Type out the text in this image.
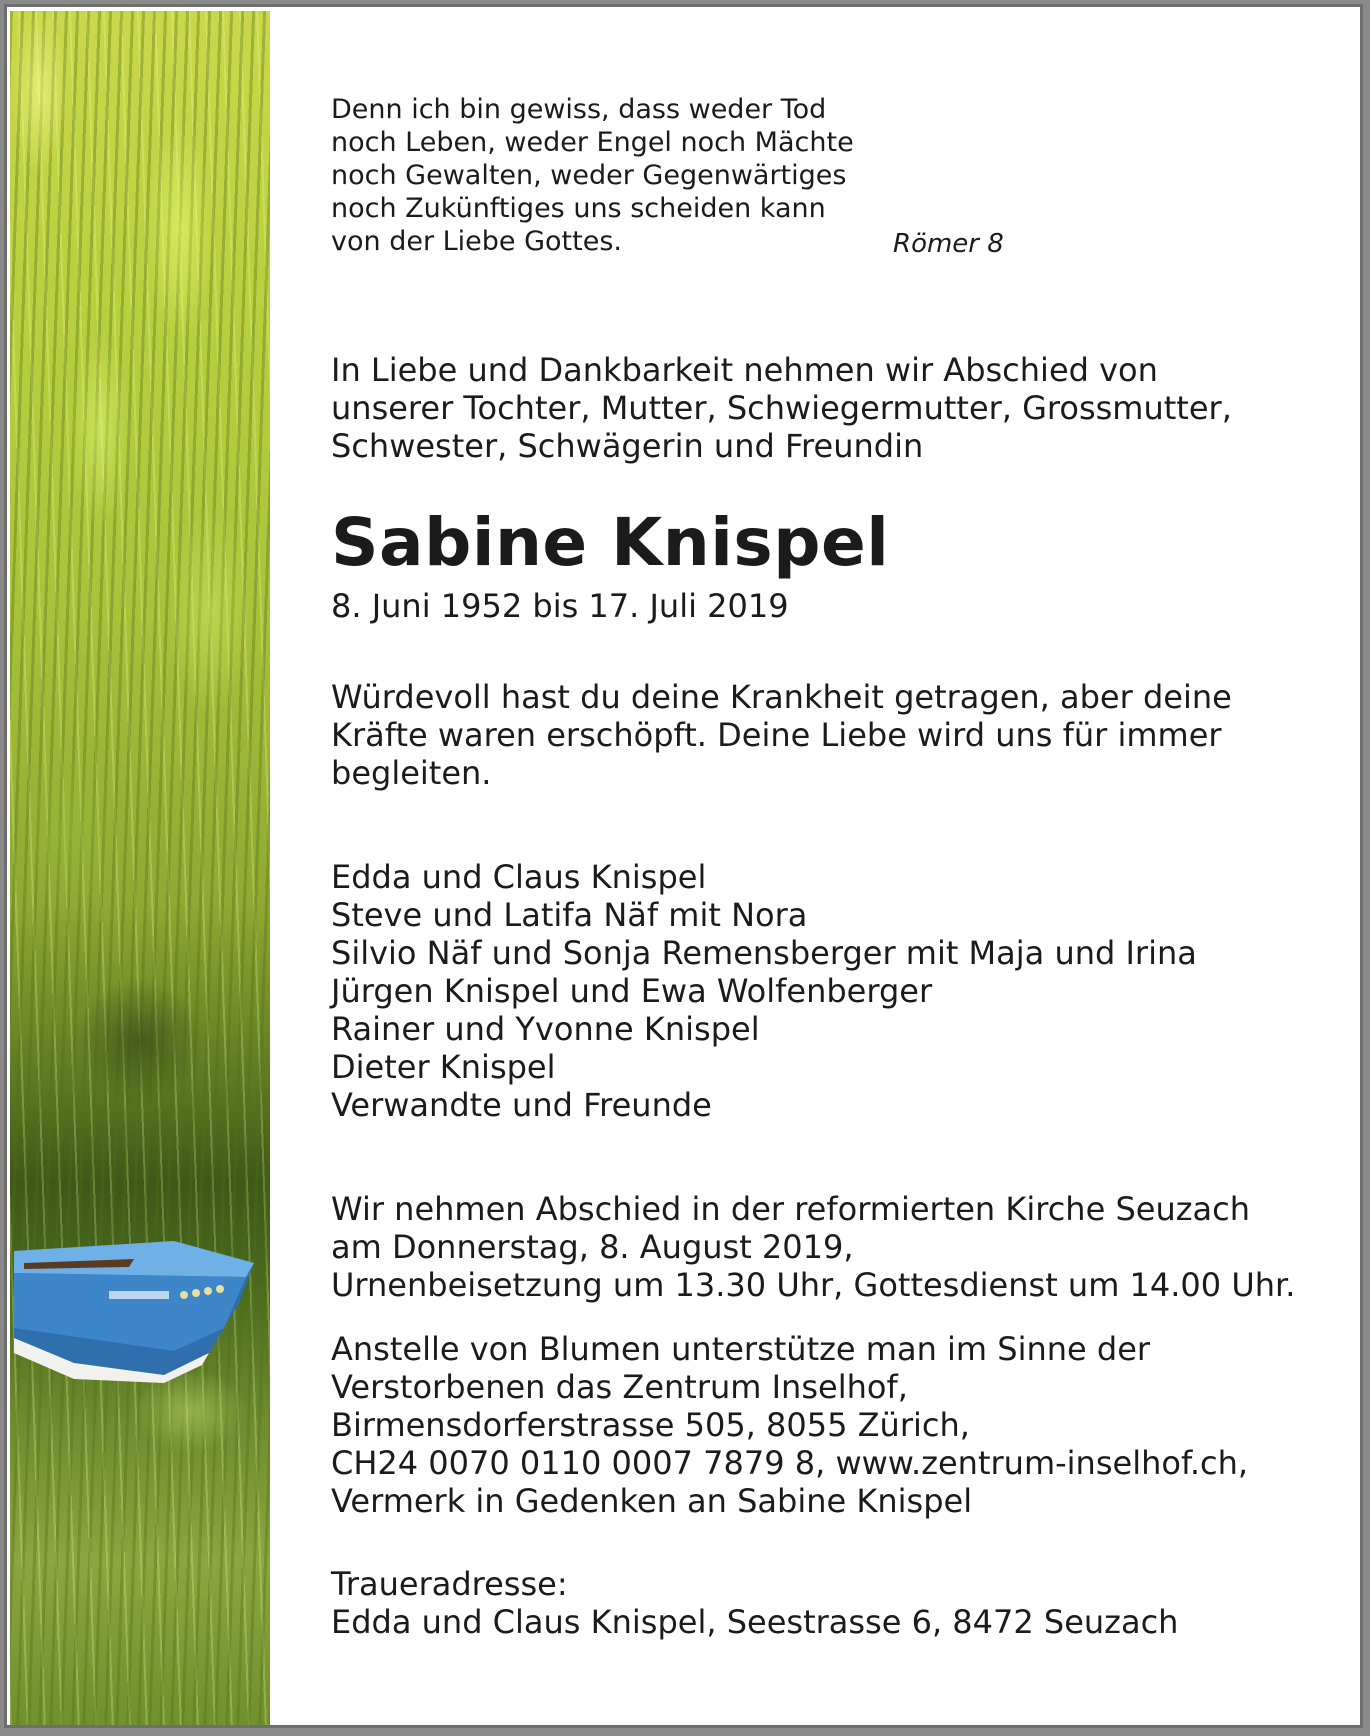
Denn ich bin gewiss, dass weder Tod
noch Leben, weder Engel noch Mächte
noch Gewalten, weder Gegenwärtiges
noch Zukünftiges uns scheiden kann
von der Liebe Gottes.	Römer 8
In Liebe und Dankbarkeit nehmen wir Abschied von
unserer Tochter, Mutter, Schwiegermutter, Grossmutter,
Schwester, Schwägerin und Freundin
Sabine Knispel
8. Juni 1952 bis 17. Juli 2019
Würdevoll hast du deine Krankheit getragen, aber deine
Kräfte waren erschöpft. Deine Liebe wird uns für immer
begleiten.
Edda und Claus Knispel
Steve und Latifa Näf mit Nora
Silvio Näf und Sonja Remensberger mit Maja und Irina
Jürgen Knispel und Ewa Wolfenberger
Rainer und Yvonne Knispel
Dieter Knispel
Verwandte und Freunde
Wir nehmen Abschied in der reformierten Kirche Seuzach
am Donnerstag, 8. August 2019,
Urnenbeisetzung um 13.30 Uhr, Gottesdienst um 14.00 Uhr.
Anstelle von Blumen unterstütze man im Sinne der
Verstorbenen das Zentrum Inselhof,
Birmensdorferstrasse 505, 8055 Zürich,
CH24 0070 0110 0007 7879 8, www.zentrum-inselhof.ch,
Vermerk in Gedenken an Sabine Knispel
Traueradresse:
Edda und Claus Knispel, Seestrasse 6, 8472 Seuzach
